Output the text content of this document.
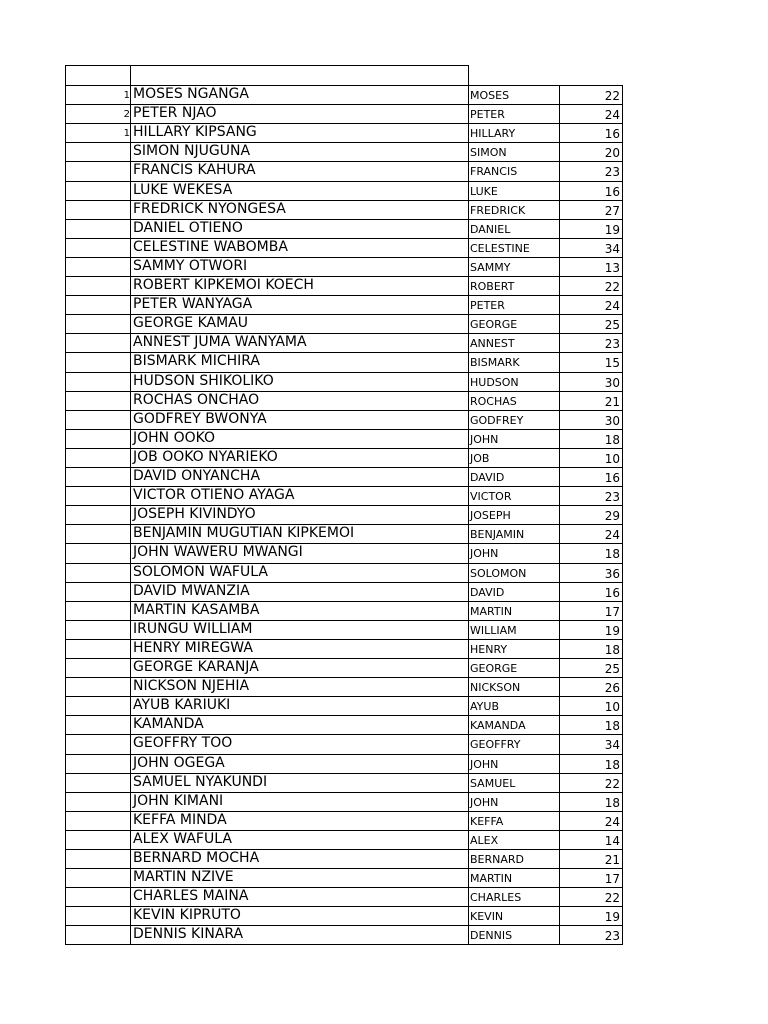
1 MOSES NGANGA	MOSES	22
2 PETER NJAO	PETER	24
1 HILLARY KIPSANG	HILLARY	16
SIMON NJUGUNA	SIMON	20
FRANCIS KAHURA	FRANCIS	23
LUKE WEKESA	LUKE	16
FREDRICK NYONGESA	FREDRICK	27
DANIEL OTIENO	DANIEL	19
CELESTINE WABOMBA	CELESTINE	34
SAMMY OTWORI	SAMMY	13
ROBERT KIPKEMOI KOECH	ROBERT	22
PETER WANYAGA	PETER	24
GEORGE KAMAU	GEORGE	25
ANNEST JUMA WANYAMA	ANNEST	23
BISMARK MICHIRA	BISMARK	15
HUDSON SHIKOLIKO	HUDSON	30
ROCHAS ONCHAO	ROCHAS	21
GODFREY BWONYA	GODFREY	30
JOHN OOKO	JOHN	18
JOB OOKO NYARIEKO	JOB	10
DAVID ONYANCHA	DAVID	16
VICTOR OTIENO AYAGA	VICTOR	23
JOSEPH KIVINDYO	JOSEPH	29
BENJAMIN MUGUTIAN KIPKEMOI	BENJAMIN	24
JOHN WAWERU MWANGI	JOHN	18
SOLOMON WAFULA	SOLOMON	36
DAVID MWANZIA	DAVID	16
MARTIN KASAMBA	MARTIN	17
IRUNGU WILLIAM	WILLIAM	19
HENRY MIREGWA	HENRY	18
GEORGE KARANJA	GEORGE	25
NICKSON NJEHIA	NICKSON	26
AYUB KARIUKI	AYUB	10
KAMANDA	KAMANDA	18
GEOFFRY TOO	GEOFFRY	34
JOHN OGEGA	JOHN	18
SAMUEL NYAKUNDI	SAMUEL	22
JOHN KIMANI	JOHN	18
KEFFA MINDA	KEFFA	24
ALEX WAFULA	ALEX	14
BERNARD MOCHA	BERNARD	21
MARTIN NZIVE	MARTIN	17
CHARLES MAINA	CHARLES	22
KEVIN KIPRUTO	KEVIN	19
DENNIS KINARA	DENNIS	23
